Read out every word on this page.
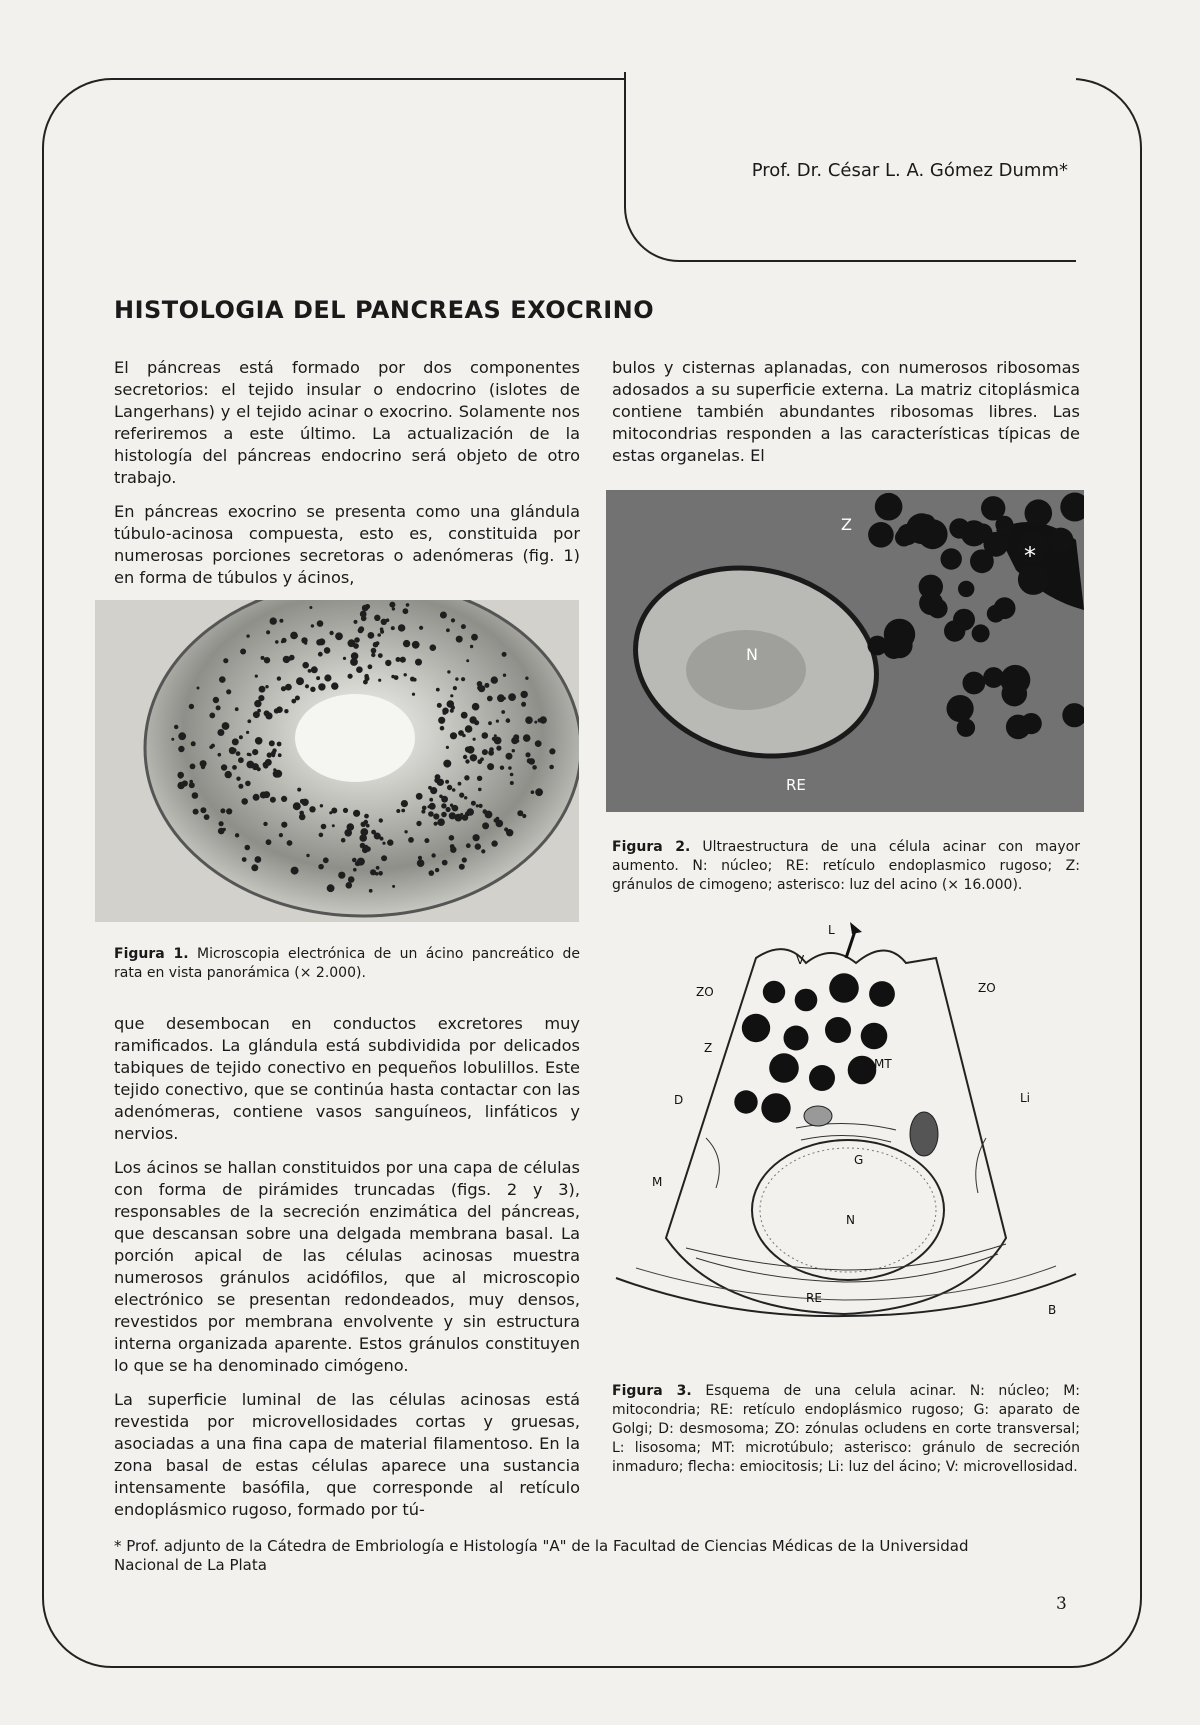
Prof. Dr. César L. A. Gómez Dumm*
HISTOLOGIA DEL PANCREAS EXOCRINO

El páncreas está formado por dos componentes secretorios: el tejido insular o endocrino (islotes de Langerhans) y el tejido acinar o exocrino. Solamente nos referiremos a este último. La actualización de la histología del páncreas endocrino será objeto de otro trabajo.

En páncreas exocrino se presenta como una glándula túbulo-acinosa compuesta, esto es, constituida por numerosas porciones secretoras o adenómeras (fig. 1) en forma de túbulos y ácinos,

Figura 1. Microscopia electrónica de un ácino pancreático de rata en vista panorámica (× 2.000).

que desembocan en conductos excretores muy ramificados. La glándula está subdividida por delicados tabiques de tejido conectivo en pequeños lobulillos. Este tejido conectivo, que se continúa hasta contactar con las adenómeras, contiene vasos sanguíneos, linfáticos y nervios.

Los ácinos se hallan constituidos por una capa de células con forma de pirámides truncadas (figs. 2 y 3), responsables de la secreción enzimática del páncreas, que descansan sobre una delgada membrana basal. La porción apical de las células acinosas muestra numerosos gránulos acidófilos, que al microscopio electrónico se presentan redondeados, muy densos, revestidos por membrana envolvente y sin estructura interna organizada aparente. Estos gránulos constituyen lo que se ha denominado cimógeno.

La superficie luminal de las células acinosas está revestida por microvellosidades cortas y gruesas, asociadas a una fina capa de material filamentoso. En la zona basal de estas células aparece una sustancia intensamente basófila, que corresponde al retículo endoplásmico rugoso, formado por tú-

bulos y cisternas aplanadas, con numerosos ribosomas adosados a su superficie externa. La matriz citoplásmica contiene también abundantes ribosomas libres. Las mitocondrias responden a las características típicas de estas organelas. El

Z
N
RE
*
Figura 2. Ultraestructura de una célula acinar con mayor aumento. N: núcleo; RE: retículo endoplasmico rugoso; Z: gránulos de cimogeno; asterisco: luz del acino (× 16.000).
L
V
ZO	ZO
Z
D	Li
MT
G
M
N
RE
B
Figura 3. Esquema de una celula acinar. N: núcleo; M: mitocondria; RE: retículo endoplásmico rugoso; G: aparato de Golgi; D: desmosoma; ZO: zónulas ocludens en corte transversal; L: lisosoma; MT: microtúbulo; asterisco: gránulo de secreción inmaduro; flecha: emiocitosis; Li: luz del ácino; V: microvellosidad.
* Prof. adjunto de la Cátedra de Embriología e Histología "A" de la Facultad de Ciencias Médicas de la Universidad Nacional de La Plata
3
